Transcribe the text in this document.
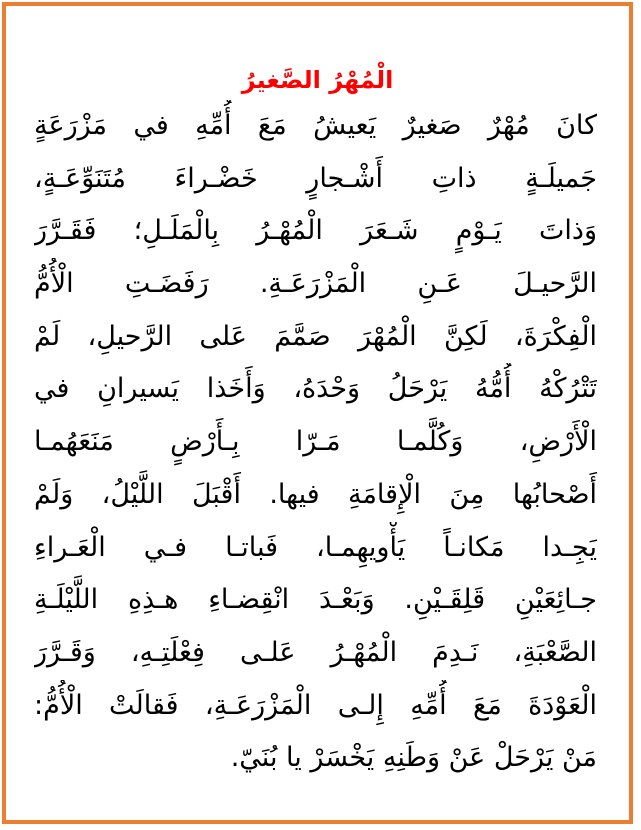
الْمُهْرُ الصَّغيرُ
كانَ مُهْرٌ صَغيرٌ يَعيشُ مَعَ أُمِّهِ في مَزْرَعَةٍ
جَميلَـةٍ ذاتِ أَشْـجارٍ خَضْـراءَ مُتَنَوِّعَـةٍ،
وَذاتَ يَـوْمٍ شَـعَرَ الْمُهْـرُ بِالْمَلَـلِ؛ فَقَـرَّرَ
الرَّحيـلَ عَـنِ الْمَزْرَعَـةِ. رَفَضَـتِ الْأُمُّ
الْفِكْرَةَ، لَكِنَّ الْمُهْرَ صَمَّمَ عَلى الرَّحيلِ، لَمْ
تَتْرُكْهُ أُمُّهُ يَرْحَلُ وَحْدَهُ، وَأَخَذا يَسيرانِ في
الْأَرْضِ، وَكُلَّمـا مَـرّا بِـأَرْضٍ مَنَعَهُمـا
أَصْحابُها مِنَ الْإِقامَةِ فيها. أَقْبَلَ اللَّيْلُ، وَلَمْ
يَجِـدا مَكانـاً يَأْويهِمـا، فَباتـا فـي الْعَـراءِ
جـائِعَيْنِ قَلِقَـيْنِ. وَبَعْـدَ انْقِضـاءِ هـذِهِ اللَّيْلَـةِ
الصَّعْبَةِ، نَـدِمَ الْمُهْـرُ عَلـى فِعْلَتِـهِ، وَقَـرَّرَ
الْعَوْدَةَ مَعَ أُمِّهِ إِلـى الْمَزْرَعَـةِ، فَقالَتْ الْأُمُّ:
مَنْ يَرْحَلْ عَنْ وَطَنِهِ يَخْسَرْ يا بُنَيّ.
